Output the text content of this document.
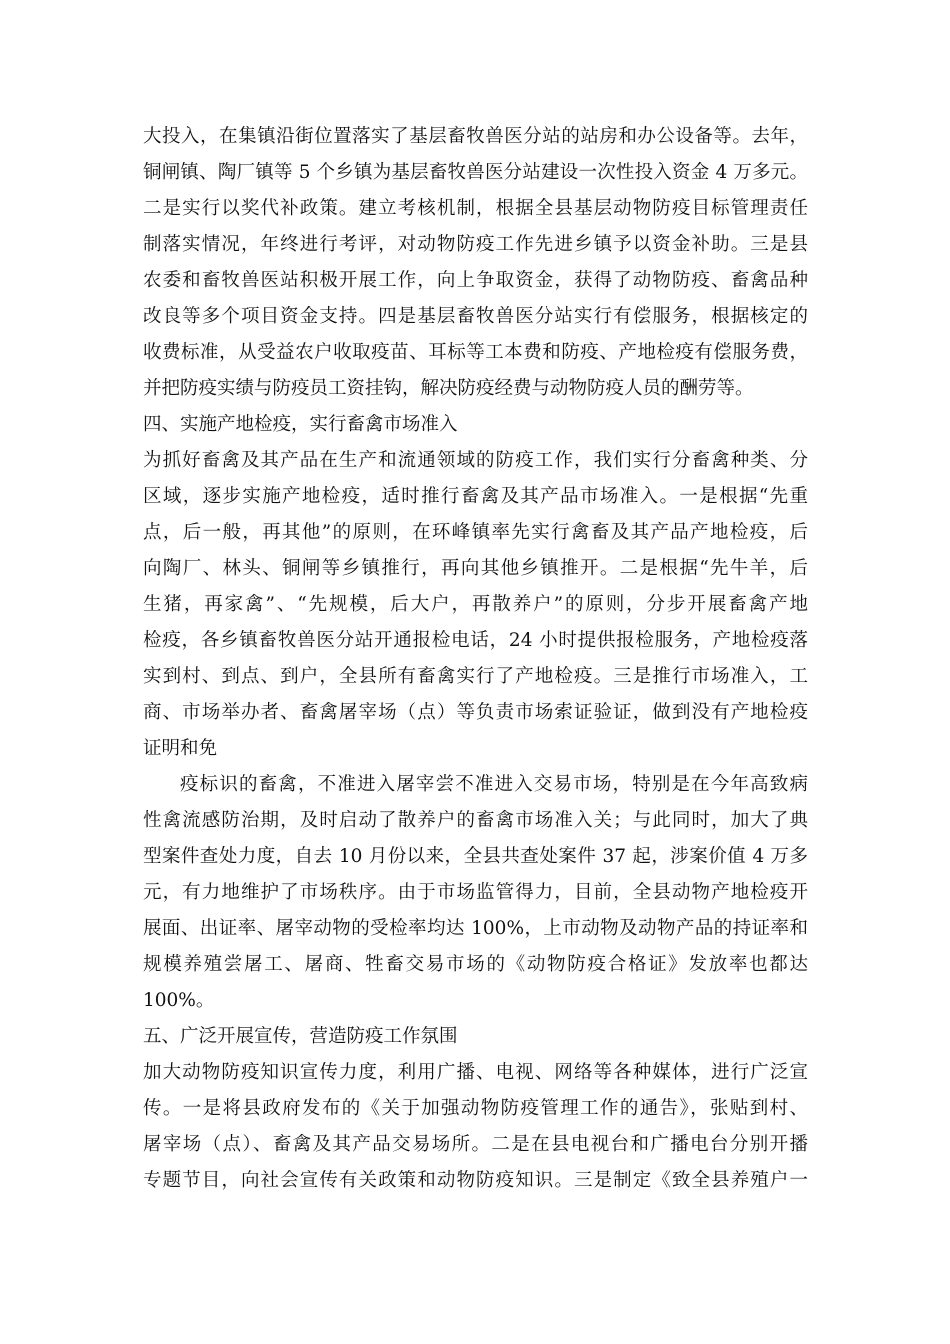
大投入，在集镇沿街位置落实了基层畜牧兽医分站的站房和办公设备等。去年，
铜闸镇、陶厂镇等 5 个乡镇为基层畜牧兽医分站建设一次性投入资金 4 万多元。
二是实行以奖代补政策。建立考核机制，根据全县基层动物防疫目标管理责任
制落实情况，年终进行考评，对动物防疫工作先进乡镇予以资金补助。三是县
农委和畜牧兽医站积极开展工作，向上争取资金，获得了动物防疫、畜禽品种
改良等多个项目资金支持。四是基层畜牧兽医分站实行有偿服务，根据核定的
收费标准，从受益农户收取疫苗、耳标等工本费和防疫、产地检疫有偿服务费，
并把防疫实绩与防疫员工资挂钩，解决防疫经费与动物防疫人员的酬劳等。
四、实施产地检疫，实行畜禽市场准入
为抓好畜禽及其产品在生产和流通领域的防疫工作，我们实行分畜禽种类、分
区域，逐步实施产地检疫，适时推行畜禽及其产品市场准入。一是根据“先重
点，后一般，再其他”的原则，在环峰镇率先实行禽畜及其产品产地检疫，后
向陶厂、林头、铜闸等乡镇推行，再向其他乡镇推开。二是根据“先牛羊，后
生猪，再家禽”、“先规模，后大户，再散养户”的原则，分步开展畜禽产地
检疫，各乡镇畜牧兽医分站开通报检电话，24 小时提供报检服务，产地检疫落
实到村、到点、到户，全县所有畜禽实行了产地检疫。三是推行市场准入，工
商、市场举办者、畜禽屠宰场（点）等负责市场索证验证，做到没有产地检疫
证明和免
疫标识的畜禽，不准进入屠宰尝不准进入交易市场，特别是在今年高致病
性禽流感防治期，及时启动了散养户的畜禽市场准入关；与此同时，加大了典
型案件查处力度，自去 10 月份以来，全县共查处案件 37 起，涉案价值 4 万多
元，有力地维护了市场秩序。由于市场监管得力，目前，全县动物产地检疫开
展面、出证率、屠宰动物的受检率均达 100%，上市动物及动物产品的持证率和
规模养殖尝屠工、屠商、牲畜交易市场的《动物防疫合格证》发放率也都达
100%。
五、广泛开展宣传，营造防疫工作氛围
加大动物防疫知识宣传力度，利用广播、电视、网络等各种媒体，进行广泛宣
传。一是将县政府发布的《关于加强动物防疫管理工作的通告》，张贴到村、
屠宰场（点）、畜禽及其产品交易场所。二是在县电视台和广播电台分别开播
专题节目，向社会宣传有关政策和动物防疫知识。三是制定《致全县养殖户一
